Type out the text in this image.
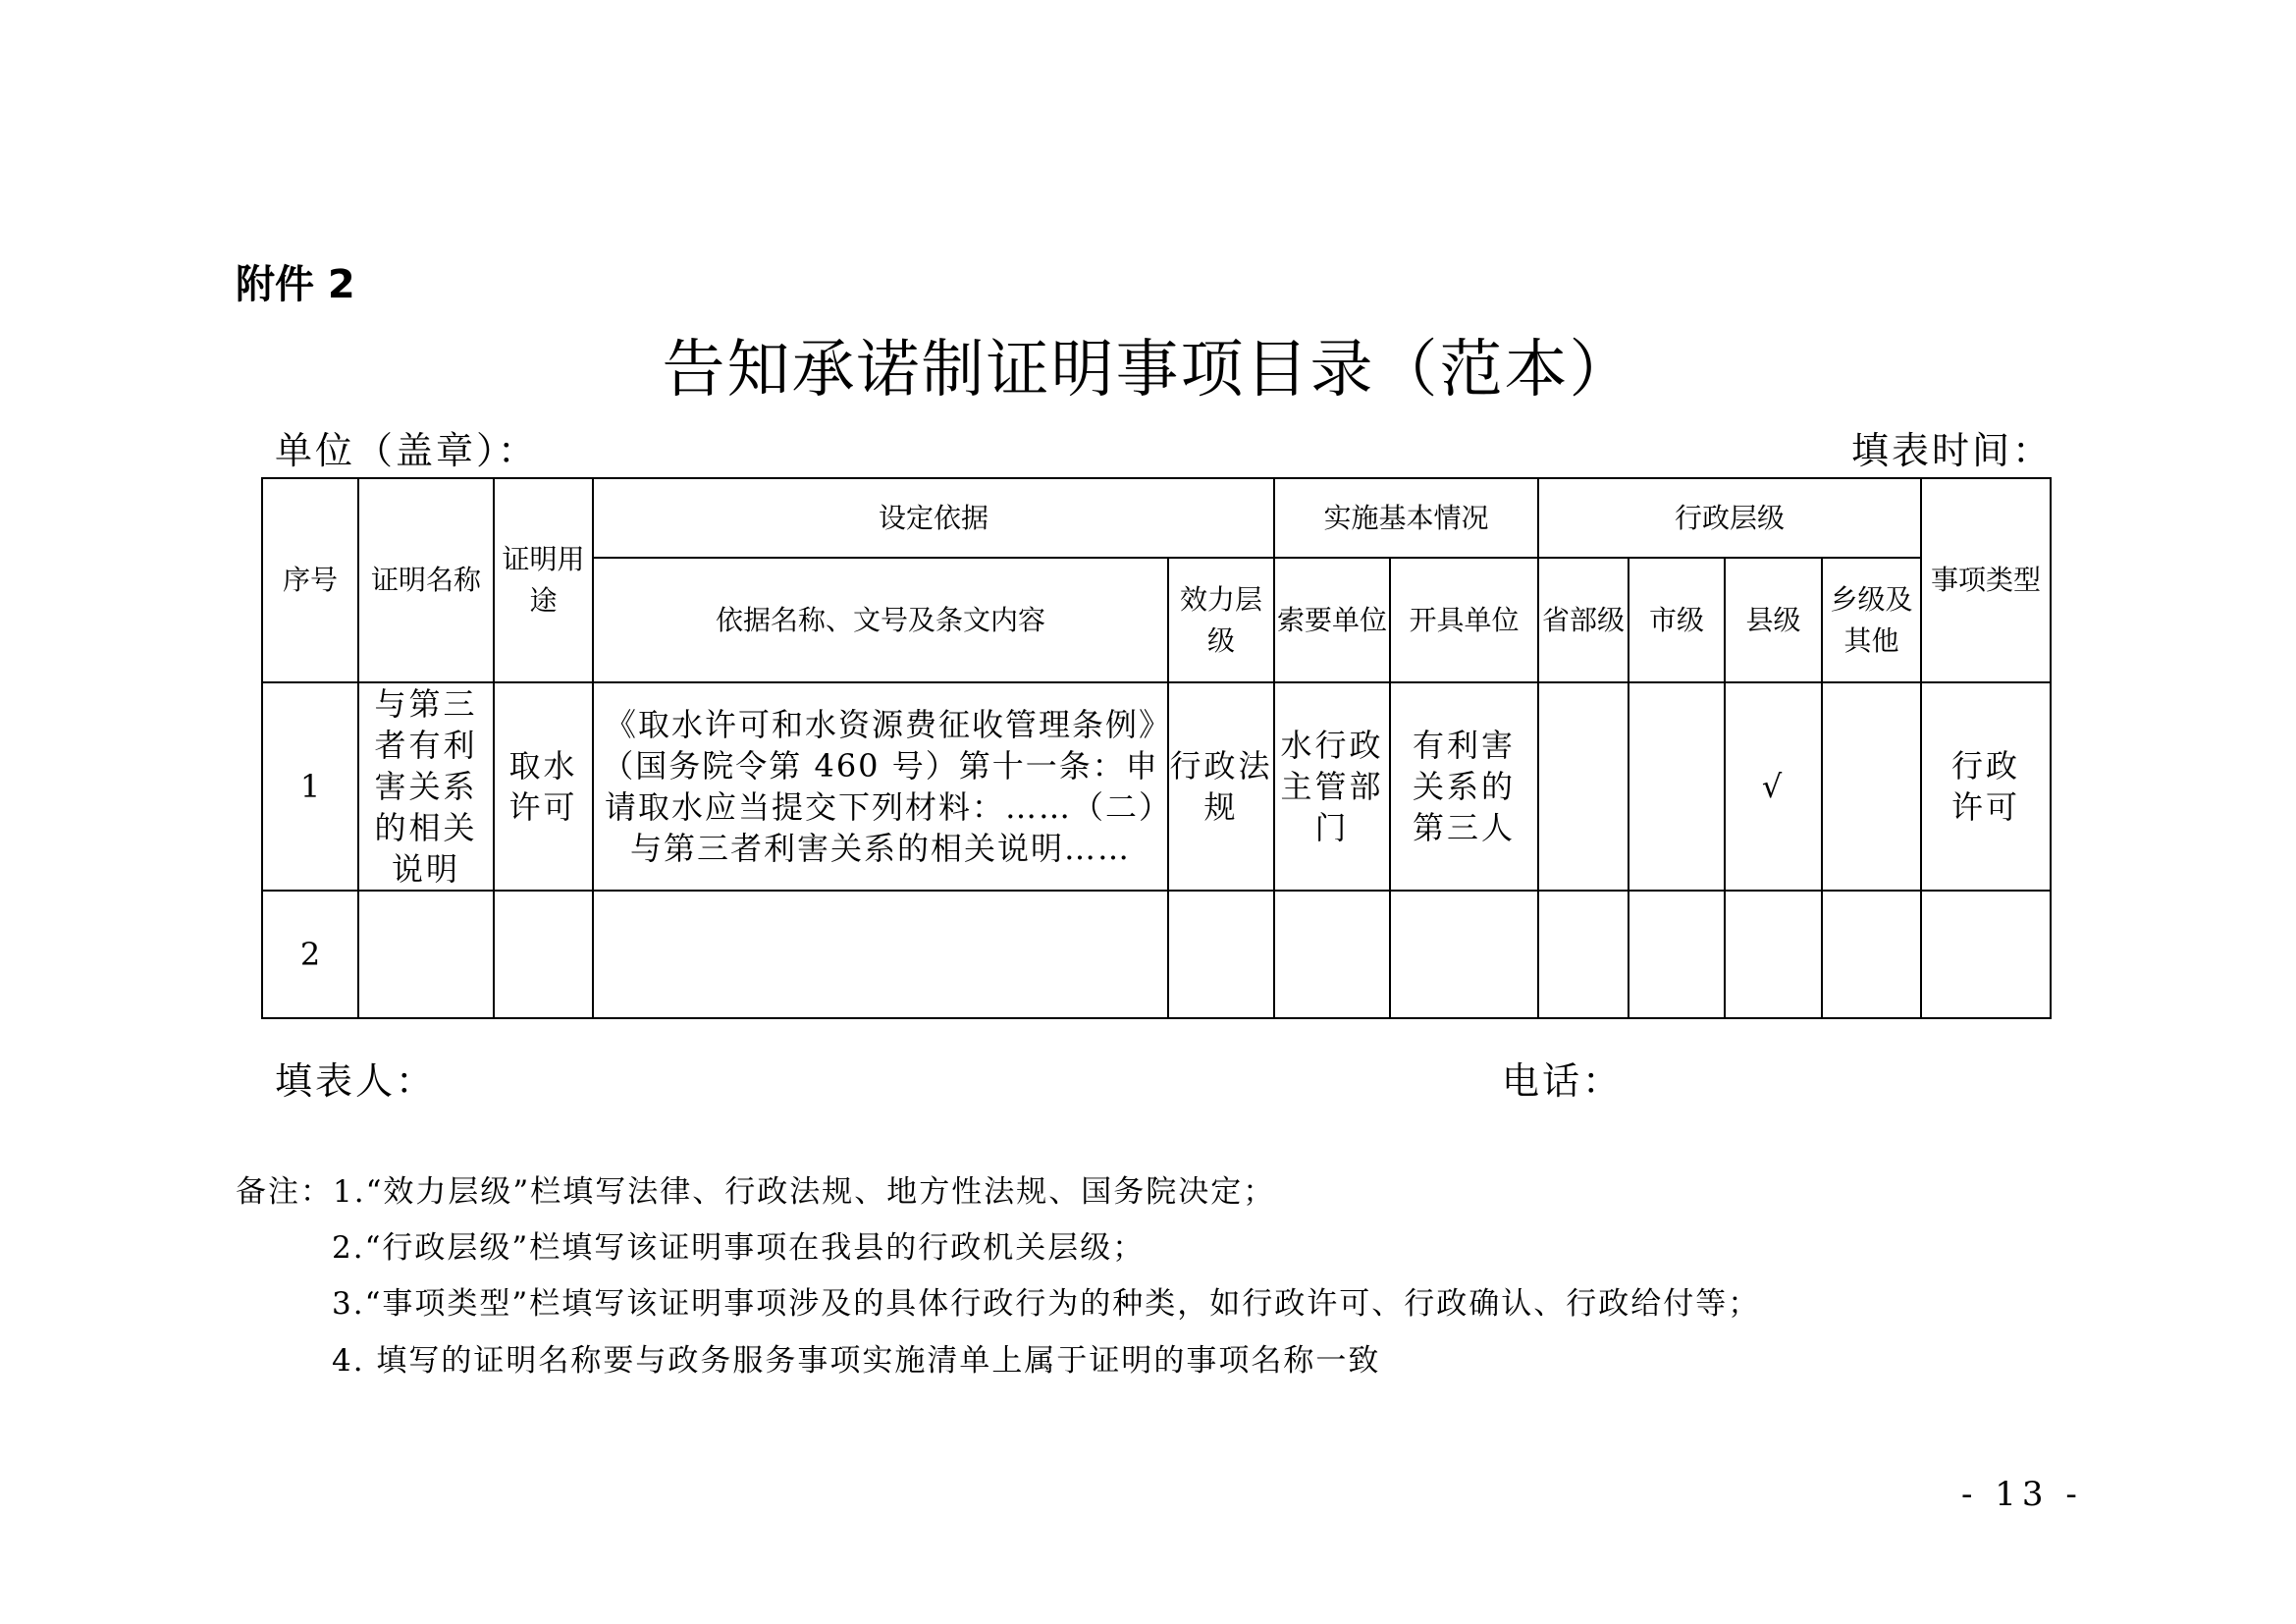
附件 2
告知承诺制证明事项目录（范本）
单位（盖章）：	填表时间：
序号	证明名称	证明用途	设定依据		实施基本情况		行政层级				事项类型
			依据名称、文号及条文内容	效力层级	索要单位	开具单位	省部级	市级	县级	乡级及其他	
1	与第三者有利害关系的相关说明	取水许可	《取水许可和水资源费征收管理条例》（国务院令第 460 号）第十一条：申请取水应当提交下列材料：……（二）与第三者利害关系的相关说明……	行政法规	水行政主管部门	有利害关系的第三人			√		行政许可
2											
填表人：	电话：
备注：1.“效力层级”栏填写法律、行政法规、地方性法规、国务院决定；
2.“行政层级”栏填写该证明事项在我县的行政机关层级；
3.“事项类型”栏填写该证明事项涉及的具体行政行为的种类，如行政许可、行政确认、行政给付等；
4. 填写的证明名称要与政务服务事项实施清单上属于证明的事项名称一致
- 13 -
